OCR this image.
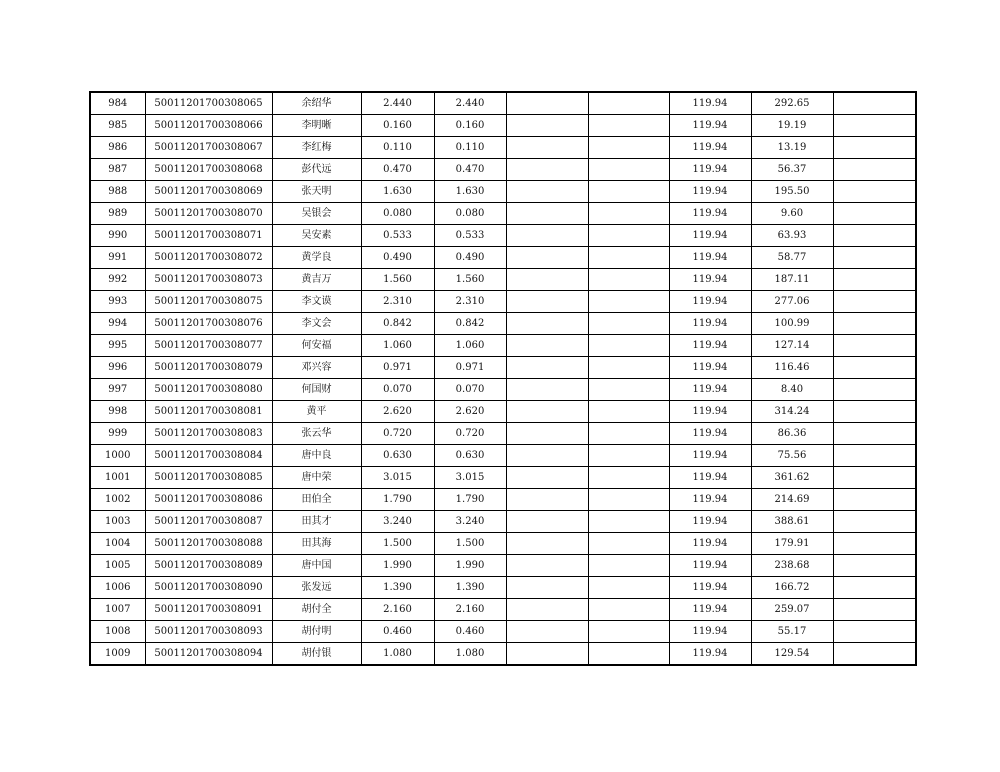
984	50011201700308065	余绍华	2.440	2.440			119.94	292.65	
985	50011201700308066	李明晰	0.160	0.160			119.94	19.19	
986	50011201700308067	李红梅	0.110	0.110			119.94	13.19	
987	50011201700308068	彭代远	0.470	0.470			119.94	56.37	
988	50011201700308069	张天明	1.630	1.630			119.94	195.50	
989	50011201700308070	吴银会	0.080	0.080			119.94	9.60	
990	50011201700308071	吴安素	0.533	0.533			119.94	63.93	
991	50011201700308072	黄学良	0.490	0.490			119.94	58.77	
992	50011201700308073	黄吉万	1.560	1.560			119.94	187.11	
993	50011201700308075	李文谟	2.310	2.310			119.94	277.06	
994	50011201700308076	李文会	0.842	0.842			119.94	100.99	
995	50011201700308077	何安福	1.060	1.060			119.94	127.14	
996	50011201700308079	邓兴容	0.971	0.971			119.94	116.46	
997	50011201700308080	何国财	0.070	0.070			119.94	8.40	
998	50011201700308081	黄平	2.620	2.620			119.94	314.24	
999	50011201700308083	张云华	0.720	0.720			119.94	86.36	
1000	50011201700308084	唐中良	0.630	0.630			119.94	75.56	
1001	50011201700308085	唐中荣	3.015	3.015			119.94	361.62	
1002	50011201700308086	田伯全	1.790	1.790			119.94	214.69	
1003	50011201700308087	田其才	3.240	3.240			119.94	388.61	
1004	50011201700308088	田其海	1.500	1.500			119.94	179.91	
1005	50011201700308089	唐中国	1.990	1.990			119.94	238.68	
1006	50011201700308090	张发远	1.390	1.390			119.94	166.72	
1007	50011201700308091	胡付全	2.160	2.160			119.94	259.07	
1008	50011201700308093	胡付明	0.460	0.460			119.94	55.17	
1009	50011201700308094	胡付银	1.080	1.080			119.94	129.54	
